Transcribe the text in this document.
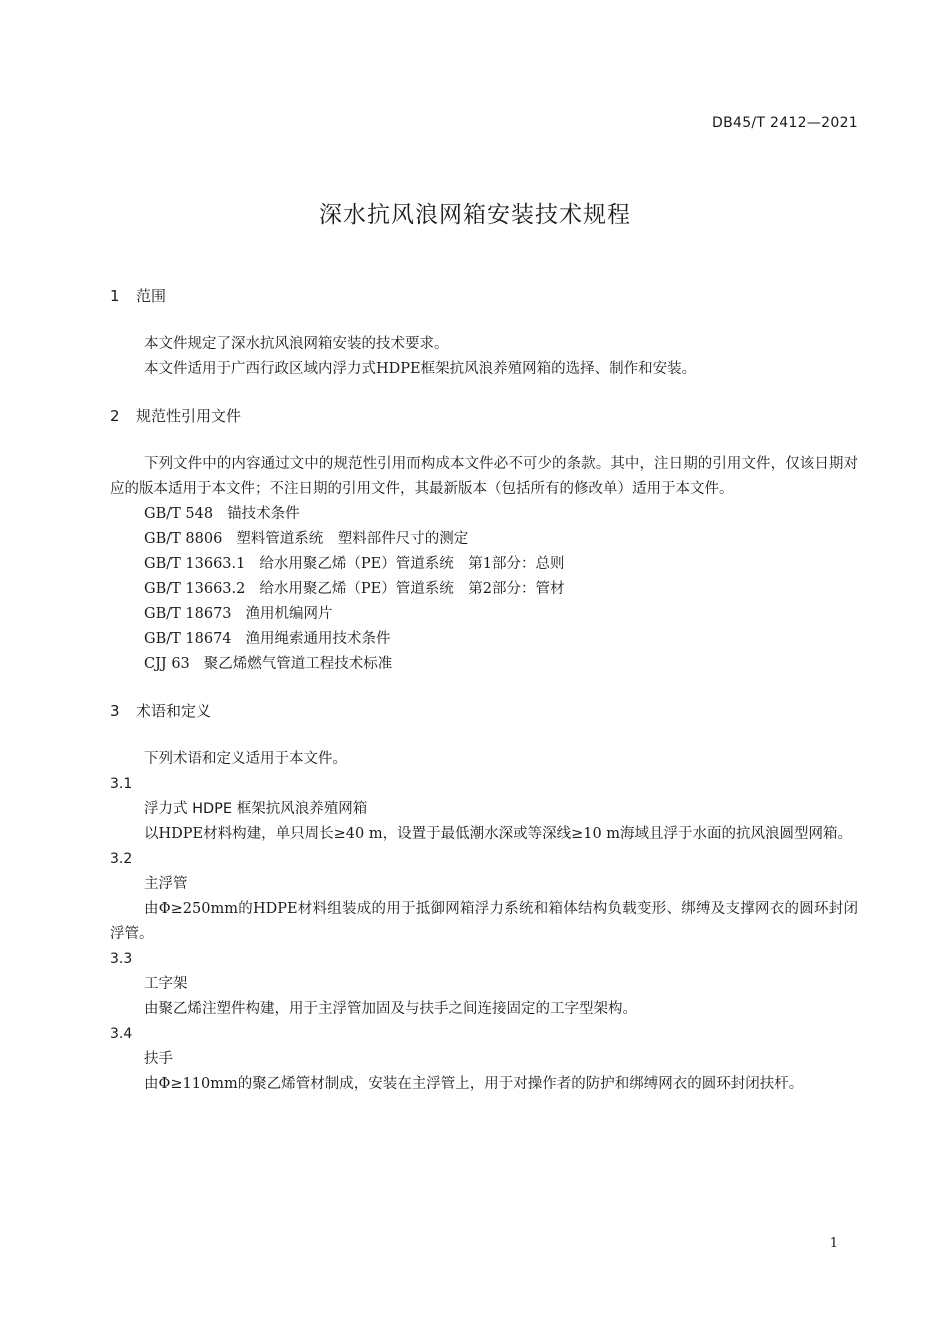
DB45/T 2412—2021
深水抗风浪网箱安装技术规程
1 范围
本文件规定了深水抗风浪网箱安装的技术要求。
本文件适用于广西行政区域内浮力式HDPE框架抗风浪养殖网箱的选择、制作和安装。
2 规范性引用文件
下列文件中的内容通过文中的规范性引用而构成本文件必不可少的条款。其中，注日期的引用文件，仅该日期对应的版本适用于本文件；不注日期的引用文件，其最新版本（包括所有的修改单）适用于本文件。
GB/T 548 锚技术条件
GB/T 8806 塑料管道系统　塑料部件尺寸的测定
GB/T 13663.1 给水用聚乙烯（PE）管道系统　第1部分：总则
GB/T 13663.2 给水用聚乙烯（PE）管道系统　第2部分：管材
GB/T 18673 渔用机编网片
GB/T 18674 渔用绳索通用技术条件
CJJ 63 聚乙烯燃气管道工程技术标准
3 术语和定义
下列术语和定义适用于本文件。
3.1
浮力式 HDPE 框架抗风浪养殖网箱
以HDPE材料构建，单只周长≥40 m，设置于最低潮水深或等深线≥10 m海域且浮于水面的抗风浪圆型网箱。
3.2
主浮管
由Φ≥250mm的HDPE材料组装成的用于抵御网箱浮力系统和箱体结构负载变形、绑缚及支撑网衣的圆环封闭浮管。
3.3
工字架
由聚乙烯注塑件构建，用于主浮管加固及与扶手之间连接固定的工字型架构。
3.4
扶手
由Φ≥110mm的聚乙烯管材制成，安装在主浮管上，用于对操作者的防护和绑缚网衣的圆环封闭扶杆。
1
